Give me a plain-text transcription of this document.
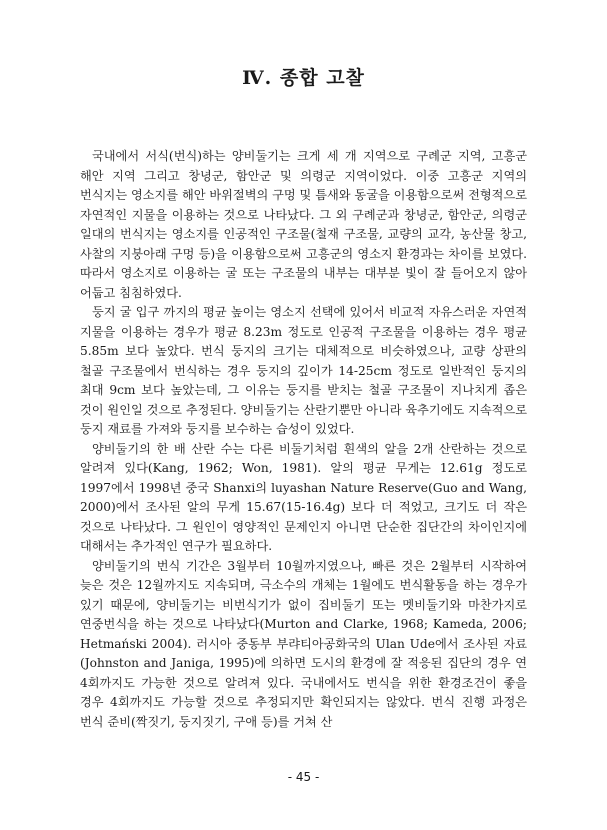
Ⅳ. 종합 고찰

국내에서 서식(번식)하는 양비둘기는 크게 세 개 지역으로 구례군 지역, 고흥군 해안 지역 그리고 창녕군, 함안군 및 의령군 지역이었다. 이중 고흥군 지역의 번식지는 영소지를 해안 바위절벽의 구멍 및 틈새와 동굴을 이용함으로써 전형적으로 자연적인 지물을 이용하는 것으로 나타났다. 그 외 구례군과 창녕군, 함안군, 의령군 일대의 번식지는 영소지를 인공적인 구조물(철재 구조물, 교량의 교각, 농산물 창고, 사찰의 지붕아래 구멍 등)을 이용함으로써 고흥군의 영소지 환경과는 차이를 보였다. 따라서 영소지로 이용하는 굴 또는 구조물의 내부는 대부분 빛이 잘 들어오지 않아 어둡고 침침하였다.

둥지 굴 입구 까지의 평균 높이는 영소지 선택에 있어서 비교적 자유스러운 자연적 지물을 이용하는 경우가 평균 8.23m 정도로 인공적 구조물을 이용하는 경우 평균 5.85m 보다 높았다. 번식 둥지의 크기는 대체적으로 비슷하였으나, 교량 상판의 철골 구조물에서 번식하는 경우 둥지의 깊이가 14-25cm 정도로 일반적인 둥지의 최대 9cm 보다 높았는데, 그 이유는 둥지를 받치는 철골 구조물이 지나치게 좁은 것이 원인일 것으로 추정된다. 양비둘기는 산란기뿐만 아니라 육추기에도 지속적으로 둥지 재료를 가져와 둥지를 보수하는 습성이 있었다.

양비둘기의 한 배 산란 수는 다른 비둘기처럼 흰색의 알을 2개 산란하는 것으로 알려져 있다(Kang, 1962; Won, 1981). 알의 평균 무게는 12.61g 정도로 1997에서 1998년 중국 Shanxi의 luyashan Nature Reserve(Guo and Wang, 2000)에서 조사된 알의 무게 15.67(15-16.4g) 보다 더 적었고, 크기도 더 작은 것으로 나타났다. 그 원인이 영양적인 문제인지 아니면 단순한 집단간의 차이인지에 대해서는 추가적인 연구가 필요하다.

양비둘기의 번식 기간은 3월부터 10월까지였으나, 빠른 것은 2월부터 시작하여 늦은 것은 12월까지도 지속되며, 극소수의 개체는 1월에도 번식활동을 하는 경우가 있기 때문에, 양비둘기는 비번식기가 없이 집비둘기 또는 멧비둘기와 마찬가지로 연중번식을 하는 것으로 나타났다(Murton and Clarke, 1968; Kameda, 2006; Hetmański 2004). 러시아 중동부 부랴티아공화국의 Ulan Ude에서 조사된 자료(Johnston and Janiga, 1995)에 의하면 도시의 환경에 잘 적응된 집단의 경우 연 4회까지도 가능한 것으로 알려져 있다. 국내에서도 번식을 위한 환경조건이 좋을 경우 4회까지도 가능할 것으로 추정되지만 확인되지는 않았다. 번식 진행 과정은 번식 준비(짝짓기, 둥지짓기, 구애 등)를 거쳐 산

- 45 -
